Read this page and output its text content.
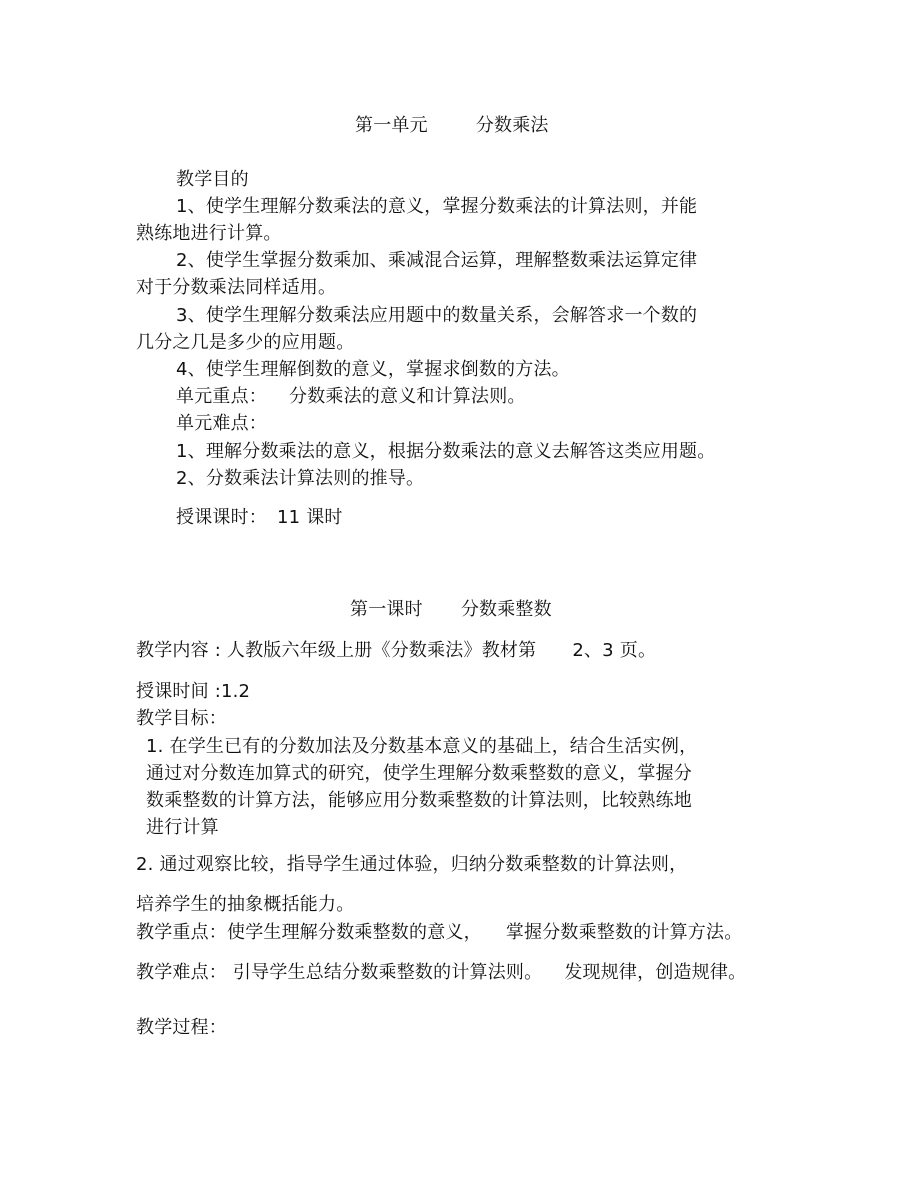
第一单元	分数乘法
教学目的
1、使学生理解分数乘法的意义，掌握分数乘法的计算法则，并能
熟练地进行计算。
2、使学生掌握分数乘加、乘减混合运算，理解整数乘法运算定律
对于分数乘法同样适用。
3、使学生理解分数乘法应用题中的数量关系，会解答求一个数的
几分之几是多少的应用题。
4、使学生理解倒数的意义，掌握求倒数的方法。
单元重点： 分数乘法的意义和计算法则。
单元难点：
1、理解分数乘法的意义，根据分数乘法的意义去解答这类应用题。
2、分数乘法计算法则的推导。
授课课时： 11 课时
第一课时 分数乘整数
教学内容 : 人教版六年级上册《分数乘法》教材第 2、3 页。
授课时间 :1.2
教学目标：
1. 在学生已有的分数加法及分数基本意义的基础上，结合生活实例，
通过对分数连加算式的研究，使学生理解分数乘整数的意义，掌握分
数乘整数的计算方法，能够应用分数乘整数的计算法则，比较熟练地
进行计算
2. 通过观察比较，指导学生通过体验，归纳分数乘整数的计算法则，
培养学生的抽象概括能力。
教学重点：使学生理解分数乘整数的意义， 掌握分数乘整数的计算方法。
教学难点： 引导学生总结分数乘整数的计算法则。 发现规律，创造规律。
教学过程：
